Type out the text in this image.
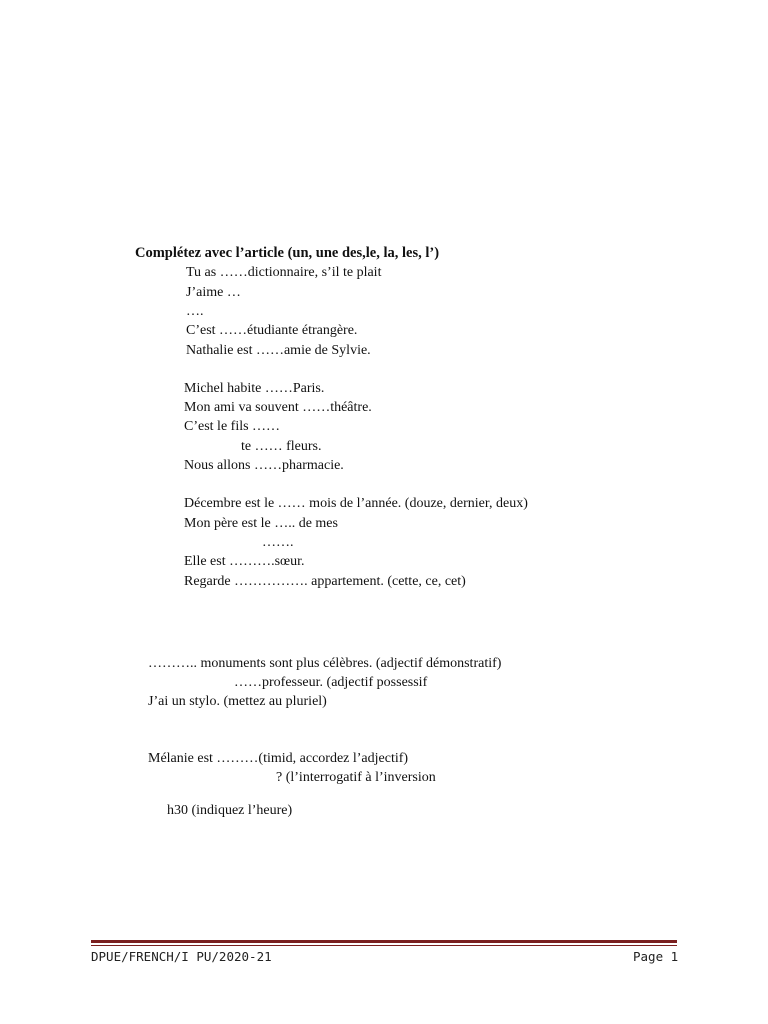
Complétez avec l’article (un, une des,le, la, les, l’)
Tu as ……dictionnaire, s’il te plait
J’aime …
….
C’est ……étudiante étrangère.
Nathalie est ……amie de Sylvie.
Michel habite ……Paris.
Mon ami va souvent ……théâtre.
C’est le fils ……
te …… fleurs.
Nous allons ……pharmacie.
Décembre est le …… mois de l’année. (douze, dernier, deux)
Mon père est le ….. de mes
…….
Elle est ……….sœur.
Regarde ……………. appartement. (cette, ce, cet)
……….. monuments sont plus célèbres. (adjectif démonstratif)
……professeur. (adjectif possessif
J’ai un stylo. (mettez au pluriel)
Mélanie est ………(timid, accordez l’adjectif)
? (l’interrogatif à l’inversion
h30 (indiquez l’heure)
DPUE/FRENCH/I PU/2020-21	Page 1
